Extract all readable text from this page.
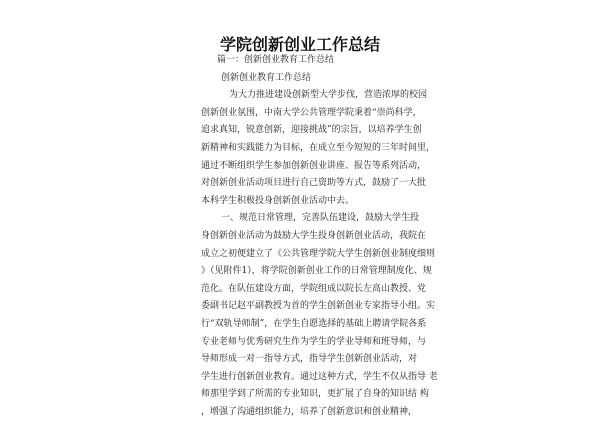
学院创新创业工作总结
篇一：创新创业教育工作总结
创新创业教育工作总结
为大力推进建设创新型大学步伐，营造浓厚的校园
创新创业氛围，中南大学公共管理学院秉着“崇尚科学，
追求真知，锐意创新，迎接挑战”的宗旨，以培养学生创
新精神和实践能力为目标，在成立至今短短的三年时间里，
通过不断组织学生参加创新创业讲座、报告等系列活动，
对创新创业活动项目进行自己资助等方式，鼓励了一大批
本科学生积极投身创新创业活动中去。
一、规范日常管理，完善队伍建设，鼓励大学生投
身创新创业活动为鼓励大学生投身创新创业活动，我院在
成立之初便建立了《公共管理学院大学生创新创业制度细则
》（见附件1），将学院创新创业工作的日常管理制度化、规
范化。在队伍建设方面，学院组成以院长左高山教授、党
委副书记赵平副教授为首的学生创新创业专家指导小组。实
行“双轨导师制”，在学生自愿选择的基础上聘请学院各系
专业老师与优秀研究生作为学生的学业导师和班导师，与
导师形成一对一指导方式，指导学生创新创业活动，对
学生进行创新创业教育。通过这种方式，学生不仅从指导 老
师那里学到了所需的专业知识，更扩展了自身的知识结 构
，增强了沟通组织能力，培养了创新意识和创业精神，
